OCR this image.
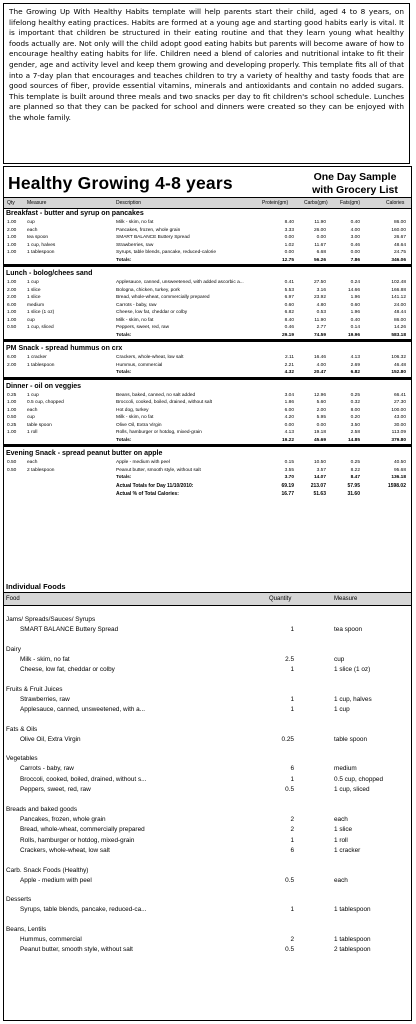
The Growing Up With Healthy Habits template will help parents start their child, aged 4 to 8 years, on lifelong healthy eating practices. Habits are formed at a young age and starting good habits early is vital. It is important that children be structured in their eating routine and that they learn young what healthy foods actually are. Not only will the child adopt good eating habits but parents will become aware of how to encourage healthy eating habits for life. Children need a blend of calories and nutritional intake to fit their gender, age and activity level and keep them growing and developing properly. This template fits all of that into a 7-day plan that encourages and teaches children to try a variety of healthy and tasty foods that are good sources of fiber, provide essential vitamins, minerals and antioxidants and contain no added sugars. This template is built around three meals and two snacks per day to fit children's school schedule. Lunches are planned so that they can be packed for school and dinners were created so they can be enjoyed with the whole family.
Healthy Growing 4-8 years	One Day Sample with Grocery List
Qty Measure	Description	Protein(gm)	Carbs(gm) Fats(gm)	Calories
Breakfast - butter and syrup on pancakes
1.00	cup	Milk - skim, no fat	8.40	11.90	0.40	86.00
2.00	each	Pancakes, frozen, whole grain	3.33	26.00	4.00	160.00
1.00	tea spoon	SMART BALANCE Buttery Spread	0.00	0.00	3.00	26.67
1.00	1 cup, halves	Strawberries, raw	1.02	11.67	0.46	48.64
1.00	1 tablespoon	Syrups, table blends, pancake, reduced-calorie	0.00	6.68	0.00	24.75
Totals:	12.75	56.26	7.86	346.06
Lunch - bolog/chees sand
1.00	1 cup	Applesauce, canned, unsweetened, with added ascorbic a...	0.41	27.50	0.24	102.48
2.00	1 slice	Bologna, chicken, turkey, pork	5.53	3.16	14.66	166.88
2.00	1 slice	Bread, whole-wheat, commercially prepared	6.97	23.92	1.96	141.12
6.00	medium	Carrots - baby, raw	0.60	4.80	0.60	24.00
1.00	1 slice (1 oz)	Cheese, low fat, cheddar or colby	6.82	0.53	1.96	48.44
1.00	cup	Milk - skim, no fat	8.40	11.90	0.40	86.00
0.50	1 cup, sliced	Peppers, sweet, red, raw	0.46	2.77	0.14	14.26
Totals:	29.19	74.59	19.96	583.18
PM Snack - spread hummus on crx
6.00	1 cracker	Crackers, whole-wheat, low salt	2.11	16.46	4.13	106.32
2.00	1 tablespoon	Hummus, commercial	2.21	4.00	2.69	46.48
Totals:	4.32	20.47	6.82	152.80
Dinner - oil on veggies
0.25	1 cup	Beans, baked, canned, no salt added	3.04	12.96	0.25	66.41
1.00	0.5 cup, chopped	Broccoli, cooked, boiled, drained, without salt	1.86	5.60	0.32	27.30
1.00	each	Hot dog, turkey	6.00	2.00	8.00	100.00
0.50	cup	Milk - skim, no fat	4.20	5.95	0.20	43.00
0.25	table spoon	Olive Oil, Extra Virgin	0.00	0.00	3.50	30.00
1.00	1 roll	Rolls, hamburger or hotdog, mixed-grain	4.13	19.18	2.58	113.09
Totals:	19.22	45.69	14.85	379.80
Evening Snack - spread peanut butter on apple
0.50	each	Apple - medium with peel	0.15	10.50	0.25	40.50
0.50	2 tablespoon	Peanut butter, smooth style, without salt	3.55	3.57	8.22	95.68
Totals:	3.70	14.07	8.47	136.18
Actual Totals for Day 11/10/2010:	69.19	213.07	57.95	1598.02
Actual % of Total Calories:	16.77	51.63	31.60
Individual Foods
Food	Quantity	Measure
Jams/ Spreads/Sauces/ Syrups
SMART BALANCE Buttery Spread	1	tea spoon
Dairy
Milk - skim, no fat	2.5	cup
Cheese, low fat, cheddar or colby	1	1 slice (1 oz)
Fruits & Fruit Juices
Strawberries, raw	1	1 cup, halves
Applesauce, canned, unsweetened, with a...	1	1 cup
Fats & Oils
Olive Oil, Extra Virgin	0.25	table spoon
Vegetables
Carrots - baby, raw	6	medium
Broccoli, cooked, boiled, drained, without s...	1	0.5 cup, chopped
Peppers, sweet, red, raw	0.5	1 cup, sliced
Breads and baked goods
Pancakes, frozen, whole grain	2	each
Bread, whole-wheat, commercially prepared	2	1 slice
Rolls, hamburger or hotdog, mixed-grain	1	1 roll
Crackers, whole-wheat, low salt	6	1 cracker
Carb. Snack Foods (Healthy)
Apple - medium with peel	0.5	each
Desserts
Syrups, table blends, pancake, reduced-ca...	1	1 tablespoon
Beans, Lentils
Hummus, commercial	2	1 tablespoon
Peanut butter, smooth style, without salt	0.5	2 tablespoon
